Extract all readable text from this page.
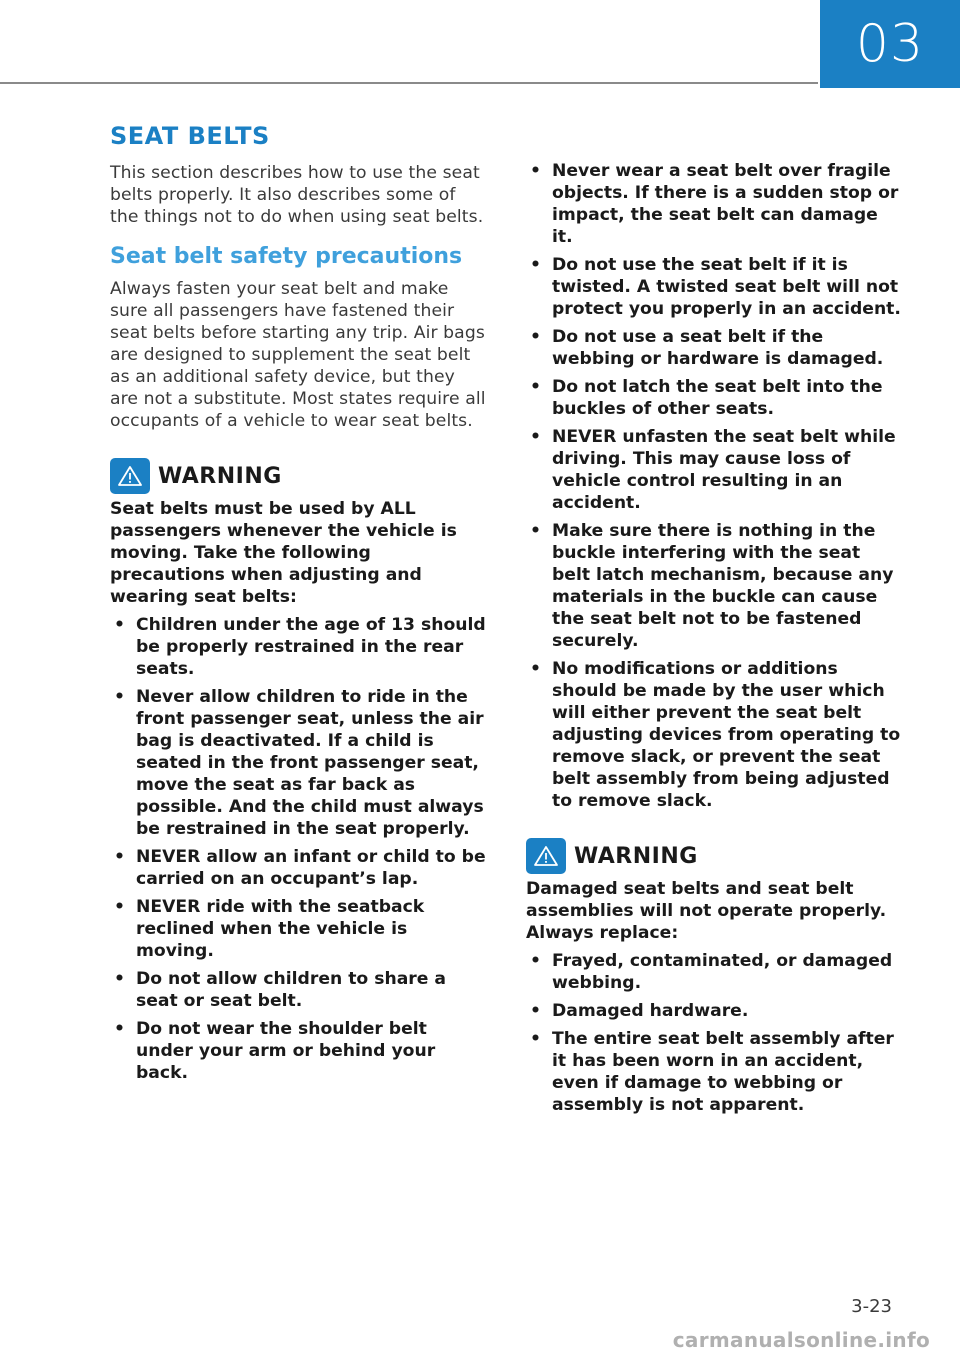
03
SEAT BELTS

This section describes how to use the seat belts properly. It also describes some of the things not to do when using seat belts.

Seat belt safety precautions

Always fasten your seat belt and make sure all passengers have fastened their seat belts before starting any trip. Air bags are designed to supplement the seat belt as an additional safety device, but they are not a substitute. Most states require all occupants of a vehicle to wear seat belts.

WARNING

Seat belts must be used by ALL passengers whenever the vehicle is moving. Take the following precautions when adjusting and wearing seat belts:

• Children under the age of 13 should be properly restrained in the rear seats.
• Never allow children to ride in the front passenger seat, unless the air bag is deactivated. If a child is seated in the front passenger seat, move the seat as far back as possible. And the child must always be restrained in the seat properly.
• NEVER allow an infant or child to be carried on an occupant’s lap.
• NEVER ride with the seatback reclined when the vehicle is moving.
• Do not allow children to share a seat or seat belt.
• Do not wear the shoulder belt under your arm or behind your back.
• Never wear a seat belt over fragile objects. If there is a sudden stop or impact, the seat belt can damage it.
• Do not use the seat belt if it is twisted. A twisted seat belt will not protect you properly in an accident.
• Do not use a seat belt if the webbing or hardware is damaged.
• Do not latch the seat belt into the buckles of other seats.
• NEVER unfasten the seat belt while driving. This may cause loss of vehicle control resulting in an accident.
• Make sure there is nothing in the buckle interfering with the seat belt latch mechanism, because any materials in the buckle can cause the seat belt not to be fastened securely.
• No modifications or additions should be made by the user which will either prevent the seat belt adjusting devices from operating to remove slack, or prevent the seat belt assembly from being adjusted to remove slack.
WARNING

Damaged seat belts and seat belt assemblies will not operate properly. Always replace:

• Frayed, contaminated, or damaged webbing.
• Damaged hardware.
• The entire seat belt assembly after it has been worn in an accident, even if damage to webbing or assembly is not apparent.
3-23
carmanualsonline.info
